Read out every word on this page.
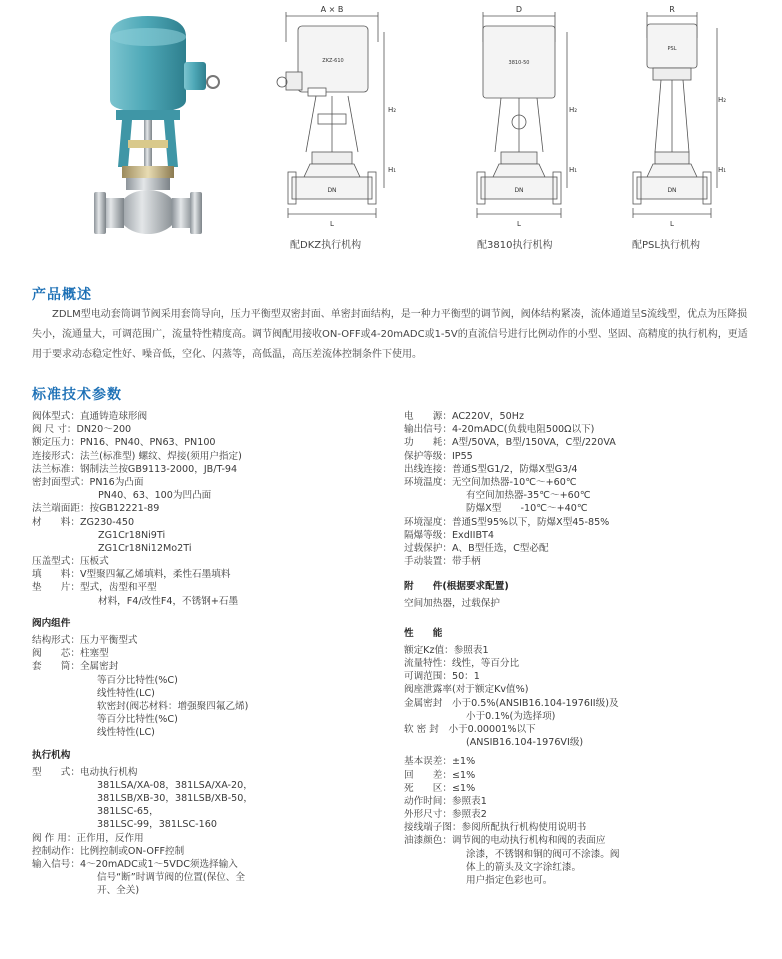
A × B
ZKZ-610
DN
H₂
H₁
L
D
3810-50
DN
H₂
H₁
L
R
PSL
DN
H₂
H₁
L
配DKZ执行机构	配3810执行机构	配PSL执行机构
产品概述
ZDLM型电动套筒调节阀采用套筒导向，压力平衡型双密封面、单密封面结构，是一种力平衡型的调节阀，阀体结构紧凑，流体通道呈S流线型，优点为压降损失小，流通量大，可调范围广，流量特性精度高。调节阀配用接收ON-OFF或4-20mADC或1-5V的直流信号进行比例动作的小型、坚固、高精度的执行机构，更适用于要求动态稳定性好、噪音低，空化、闪蒸等，高低温，高压差流体控制条件下使用。
标准技术参数
阀体型式：直通铸造球形阀
阀 尺 寸：DN20～200
额定压力：PN16、PN40、PN63、PN100
连接形式：法兰(标准型) 螺纹、焊接(须用户指定)
法兰标准：钢制法兰按GB9113-2000，JB/T-94
密封面型式：PN16为凸面
PN40、63、100为凹凸面
法兰端面距：按GB12221-89
材　　料：ZG230-450
ZG1Cr18Ni9Ti
ZG1Cr18Ni12Mo2Ti
压盖型式：压板式
填　　料：V型聚四氟乙烯填料，柔性石墨填料
垫　　片：型式，齿型和平型
材料，F4/改性F4，不锈钢+石墨
阀内组件
结构形式：压力平衡型式
阀　　芯：柱塞型
套　　筒：全属密封
等百分比特性(%C)
线性特性(LC)
软密封(阀芯材料：增强聚四氟乙烯)
等百分比特性(%C)
线性特性(LC)
执行机构
型　　式：电动执行机构
381LSA/XA-08，381LSA/XA-20，
381LSB/XB-30，381LSB/XB-50，
381LSC-65，
381LSC-99，381LSC-160
阀 作 用：正作用，反作用
控制动作：比例控制或ON-OFF控制
输入信号：4～20mADC或1～5VDC须选择输入
信号“断”时调节阀的位置(保位、全
开、全关)
电　　源：AC220V，50Hz
输出信号：4-20mADC(负载电阻500Ω以下)
功　　耗：A型/50VA，B型/150VA，C型/220VA
保护等级：IP55
出线连接：普通S型G1/2，防爆X型G3/4
环境温度：无空间加热器-10℃～+60℃
有空间加热器-35℃～+60℃
防爆X型　　-10℃～+40℃
环境湿度：普通S型95%以下，防爆X型45-85%
隔爆等级：ExdIIBT4
过载保护：A、B型任选，C型必配
手动装置：带手柄
附　　件(根据要求配置)
空间加热器，过载保护
性　　能
额定Kz值：参照表1
流量特性：线性，等百分比
可调范围：50：1
阀座泄露率(对于额定Kv值%)
金属密封　小于0.5%(ANSIB16.104-1976II级)及
小于0.1%(为选择项)
软 密 封　小于0.00001%以下
(ANSIB16.104-1976VI级)
基本误差：±1%
回　　差：≤1%
死　　区：≤1%
动作时间：参照表1
外形尺寸：参照表2
接线端子图：参阅所配执行机构使用说明书
油漆颜色：调节阀的电动执行机构和阀的表面应
涂漆，不锈钢和铜的阀可不涂漆。阀
体上的箭头及文字涂红漆。
用户指定色彩也可。
